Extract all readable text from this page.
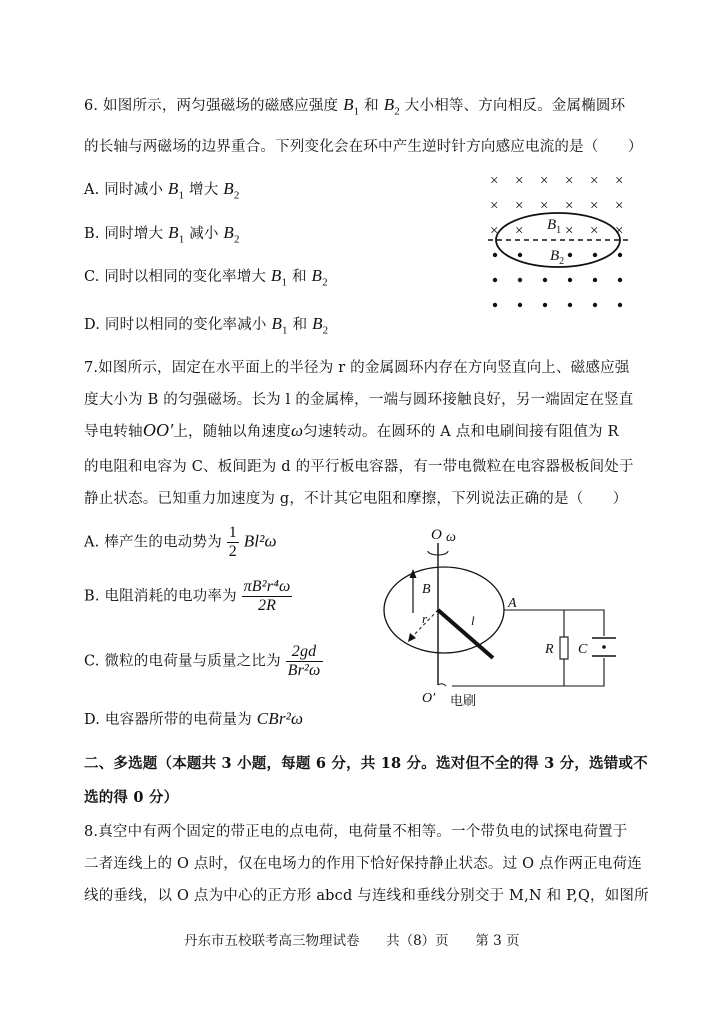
6. 如图所示，两匀强磁场的磁感应强度 $B_1$ 和 $B_2$ 大小相等、方向相反。金属椭圆环
的长轴与两磁场的边界重合。下列变化会在环中产生逆时针方向感应电流的是（　　）
A. 同时减小 $B_1$ 增大 $B_2$
B. 同时增大 $B_1$ 减小 $B_2$
C. 同时以相同的变化率增大 $B_1$ 和 $B_2$
D. 同时以相同的变化率减小 $B_1$ 和 $B_2$
× × × × × ×
× × × × × ×
× ×	× × ×
$B_1$
$B_2$
7.如图所示，固定在水平面上的半径为 r 的金属圆环内存在方向竖直向上、磁感应强
度大小为 B 的匀强磁场。长为 l 的金属棒，一端与圆环接触良好，另一端固定在竖直
导电转轴OO′上，随轴以角速度ω匀速转动。在圆环的 A 点和电刷间接有阻值为 R
的电阻和电容为 C、板间距为 d 的平行板电容器，有一带电微粒在电容器极板间处于
静止状态。已知重力加速度为 g，不计其它电阻和摩擦，下列说法正确的是（　　）
A. 棒产生的电动势为 $\frac{1}{2} Bl^2\omega$
B. 电阻消耗的电功率为 $\frac{\text{πB²r⁴ω}}{2R}$
C. 微粒的电荷量与质量之比为 $\frac{2gd}{\text{Br²ω}}$
D. 电容器所带的电荷量为 CBr²ω
O ω
B
r	l
A
R C
O′ 电刷
二、多选题（本题共 3 小题，每题 6 分，共 18 分。选对但不全的得 3 分，选错或不
选的得 0 分）
8.真空中有两个固定的带正电的点电荷，电荷量不相等。一个带负电的试探电荷置于
二者连线上的 O 点时，仅在电场力的作用下恰好保持静止状态。过 O 点作两正电荷连
线的垂线，以 O 点为中心的正方形 abcd 与连线和垂线分别交于 M,N 和 P,Q，如图所
丹东市五校联考高三物理试卷 共（8）页 第 3 页
